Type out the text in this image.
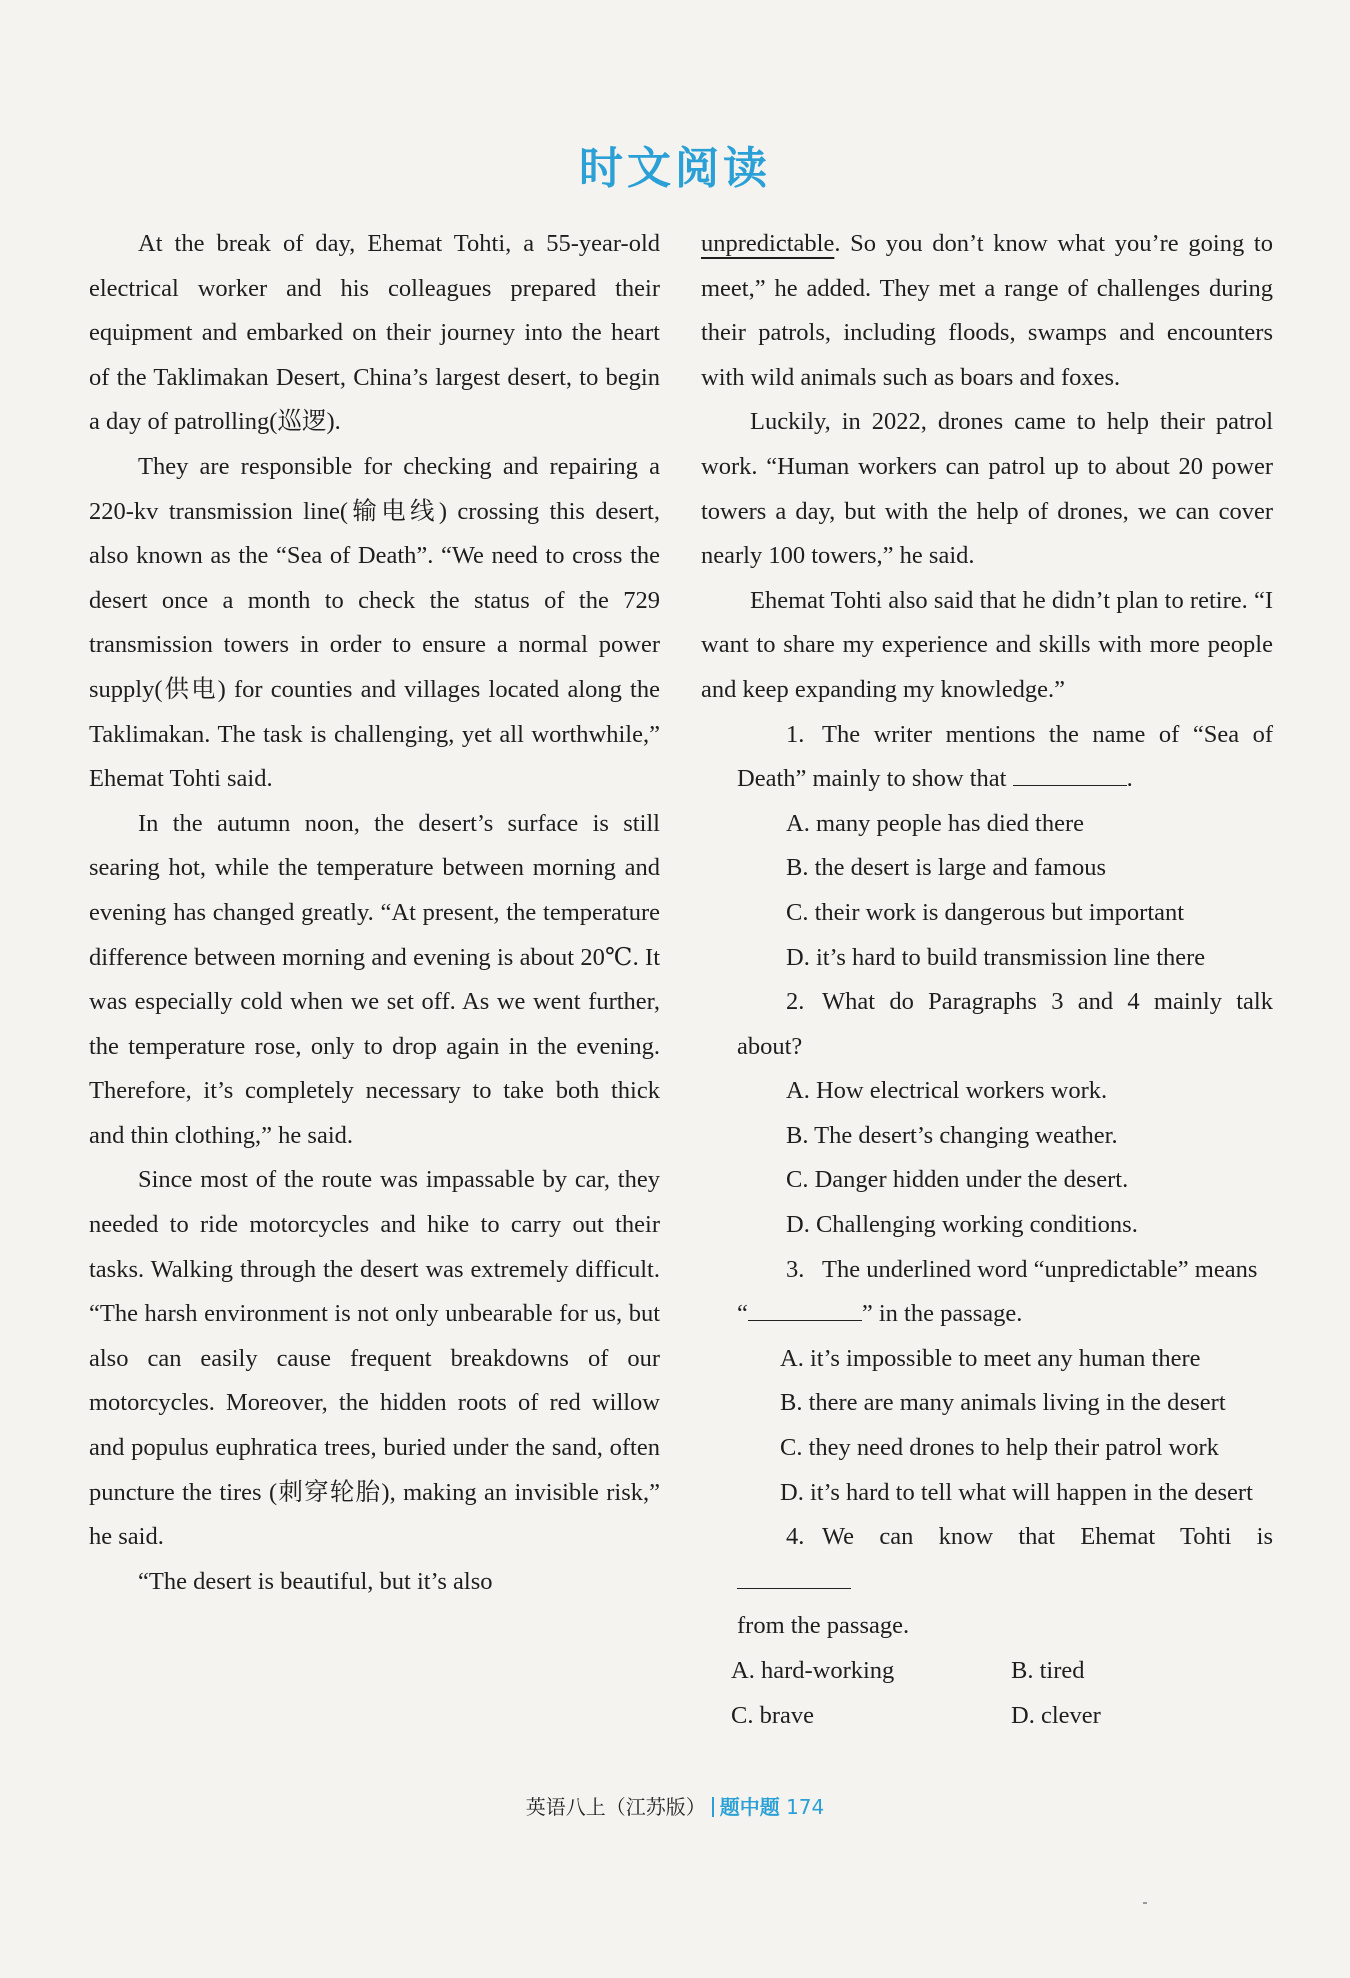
时文阅读

At the break of day, Ehemat Tohti, a 55-year-old electrical worker and his colleagues prepared their equipment and embarked on their journey into the heart of the Taklimakan Desert, China’s largest desert, to begin a day of patrolling(巡逻).

They are responsible for checking and repairing a 220-kv transmission line(输电线) crossing this desert, also known as the “Sea of Death”. “We need to cross the desert once a month to check the status of the 729 transmission towers in order to ensure a normal power supply(供电) for counties and villages located along the Taklimakan. The task is challenging, yet all worthwhile,” Ehemat Tohti said.

In the autumn noon, the desert’s surface is still searing hot, while the temperature between morning and evening has changed greatly. “At present, the temperature difference between morning and evening is about 20℃. It was especially cold when we set off. As we went further, the temperature rose, only to drop again in the evening. Therefore, it’s completely necessary to take both thick and thin clothing,” he said.

Since most of the route was impassable by car, they needed to ride motorcycles and hike to carry out their tasks. Walking through the desert was extremely difficult. “The harsh environment is not only unbearable for us, but also can easily cause frequent breakdowns of our motorcycles. Moreover, the hidden roots of red willow and populus euphratica trees, buried under the sand, often puncture the tires (刺穿轮胎), making an invisible risk,” he said.

“The desert is beautiful, but it’s also

unpredictable. So you don’t know what you’re going to meet,” he added. They met a range of challenges during their patrols, including floods, swamps and encounters with wild animals such as boars and foxes.

Luckily, in 2022, drones came to help their patrol work. “Human workers can patrol up to about 20 power towers a day, but with the help of drones, we can cover nearly 100 towers,” he said.

Ehemat Tohti also said that he didn’t plan to retire. “I want to share my experience and skills with more people and keep expanding my knowledge.”

1. The writer mentions the name of “Sea of Death” mainly to show that	.

A. many people has died there

B. the desert is large and famous

C. their work is dangerous but important

D. it’s hard to build transmission line there

2. What do Paragraphs 3 and 4 mainly talk about?

A. How electrical workers work.

B. The desert’s changing weather.

C. Danger hidden under the desert.

D. Challenging working conditions.

3. The underlined word “unpredictable” means
“	” in the passage.

A. it’s impossible to meet any human there

B. there are many animals living in the desert

C. they need drones to help their patrol work

D. it’s hard to tell what will happen in the desert

4. We can know that Ehemat Tohti is
from the passage.

A. hard-working	B. tired
C. brave	D. clever
英语八上（江苏版） 题中题 174
